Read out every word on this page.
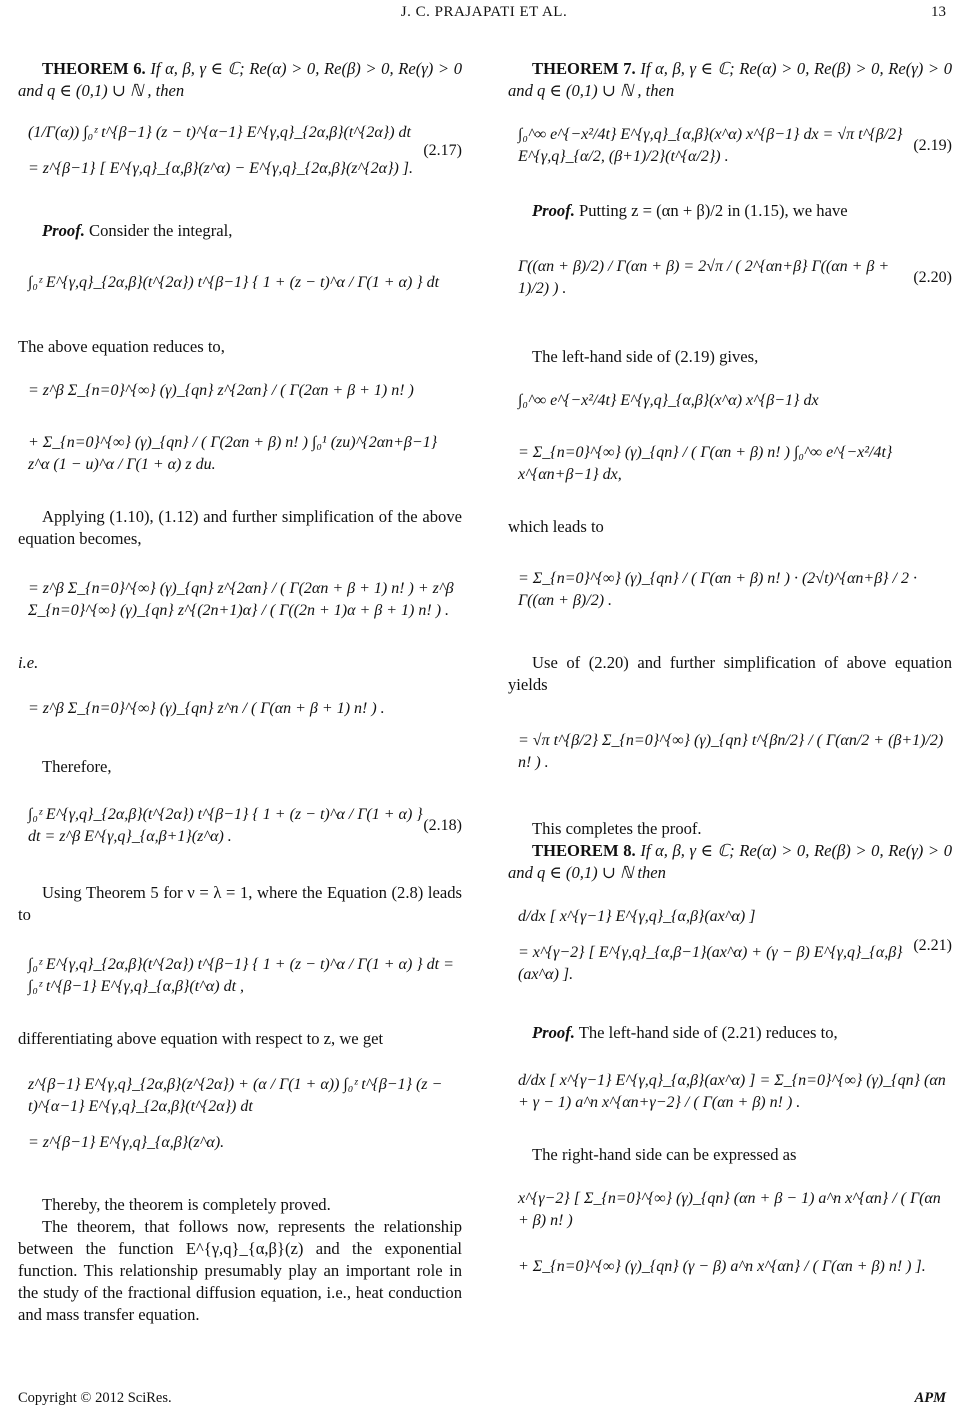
J. C. PRAJAPATI ET AL.	13

THEOREM 6. If α, β, γ ∈ ℂ; Re(α) > 0, Re(β) > 0, Re(γ) > 0 and q ∈ (0,1) ∪ ℕ , then

(1/Γ(α)) ∫₀ᶻ t^{β−1} (z − t)^{α−1} E^{γ,q}_{2α,β}(t^{2α}) dt
= z^{β−1} [ E^{γ,q}_{α,β}(z^α) − E^{γ,q}_{2α,β}(z^{2α}) ].
(2.17)

Proof. Consider the integral,

∫₀ᶻ E^{γ,q}_{2α,β}(t^{2α}) t^{β−1} { 1 + (z − t)^α / Γ(1 + α) } dt

The above equation reduces to,

= z^β Σ_{n=0}^{∞} (γ)_{qn} z^{2αn} / ( Γ(2αn + β + 1) n! )
+ Σ_{n=0}^{∞} (γ)_{qn} / ( Γ(2αn + β) n! ) ∫₀¹ (zu)^{2αn+β−1} z^α (1 − u)^α / Γ(1 + α) z du.

Applying (1.10), (1.12) and further simplification of the above equation becomes,

= z^β Σ_{n=0}^{∞} (γ)_{qn} z^{2αn} / ( Γ(2αn + β + 1) n! ) + z^β Σ_{n=0}^{∞} (γ)_{qn} z^{(2n+1)α} / ( Γ((2n + 1)α + β + 1) n! ) .

i.e.

= z^β Σ_{n=0}^{∞} (γ)_{qn} z^n / ( Γ(αn + β + 1) n! ) .

Therefore,

∫₀ᶻ E^{γ,q}_{2α,β}(t^{2α}) t^{β−1} { 1 + (z − t)^α / Γ(1 + α) } dt = z^β E^{γ,q}_{α,β+1}(z^α) .
(2.18)

Using Theorem 5 for ν = λ = 1, where the Equation (2.8) leads to

∫₀ᶻ E^{γ,q}_{2α,β}(t^{2α}) t^{β−1} { 1 + (z − t)^α / Γ(1 + α) } dt = ∫₀ᶻ t^{β−1} E^{γ,q}_{α,β}(t^α) dt ,

differentiating above equation with respect to z, we get

z^{β−1} E^{γ,q}_{2α,β}(z^{2α}) + (α / Γ(1 + α)) ∫₀ᶻ t^{β−1} (z − t)^{α−1} E^{γ,q}_{2α,β}(t^{2α}) dt
= z^{β−1} E^{γ,q}_{α,β}(z^α).

Thereby, the theorem is completely proved.

The theorem, that follows now, represents the relationship between the function E^{γ,q}_{α,β}(z) and the exponential function. This relationship presumably play an important role in the study of the fractional diffusion equation, i.e., heat conduction and mass transfer equation.

THEOREM 7. If α, β, γ ∈ ℂ; Re(α) > 0, Re(β) > 0, Re(γ) > 0 and q ∈ (0,1) ∪ ℕ , then

∫₀^∞ e^{−x²/4t} E^{γ,q}_{α,β}(x^α) x^{β−1} dx = √π t^{β/2} E^{γ,q}_{α/2, (β+1)/2}(t^{α/2}) .
(2.19)

Proof. Putting z = (αn + β)/2 in (1.15), we have

Γ((αn + β)/2) / Γ(αn + β) = 2√π / ( 2^{αn+β} Γ((αn + β + 1)/2) ) .
(2.20)

The left-hand side of (2.19) gives,

∫₀^∞ e^{−x²/4t} E^{γ,q}_{α,β}(x^α) x^{β−1} dx
= Σ_{n=0}^{∞} (γ)_{qn} / ( Γ(αn + β) n! ) ∫₀^∞ e^{−x²/4t} x^{αn+β−1} dx,

which leads to

= Σ_{n=0}^{∞} (γ)_{qn} / ( Γ(αn + β) n! ) · (2√t)^{αn+β} / 2 · Γ((αn + β)/2) .

Use of (2.20) and further simplification of above equation yields

= √π t^{β/2} Σ_{n=0}^{∞} (γ)_{qn} t^{βn/2} / ( Γ(αn/2 + (β+1)/2) n! ) .

This completes the proof.

THEOREM 8. If α, β, γ ∈ ℂ; Re(α) > 0, Re(β) > 0, Re(γ) > 0 and q ∈ (0,1) ∪ ℕ then

d/dx [ x^{γ−1} E^{γ,q}_{α,β}(ax^α) ]
= x^{γ−2} [ E^{γ,q}_{α,β−1}(ax^α) + (γ − β) E^{γ,q}_{α,β}(ax^α) ].
(2.21)

Proof. The left-hand side of (2.21) reduces to,

d/dx [ x^{γ−1} E^{γ,q}_{α,β}(ax^α) ] = Σ_{n=0}^{∞} (γ)_{qn} (αn + γ − 1) a^n x^{αn+γ−2} / ( Γ(αn + β) n! ) .

The right-hand side can be expressed as

x^{γ−2} [ Σ_{n=0}^{∞} (γ)_{qn} (αn + β − 1) a^n x^{αn} / ( Γ(αn + β) n! )
+ Σ_{n=0}^{∞} (γ)_{qn} (γ − β) a^n x^{αn} / ( Γ(αn + β) n! ) ].
Copyright © 2012 SciRes.	APM
